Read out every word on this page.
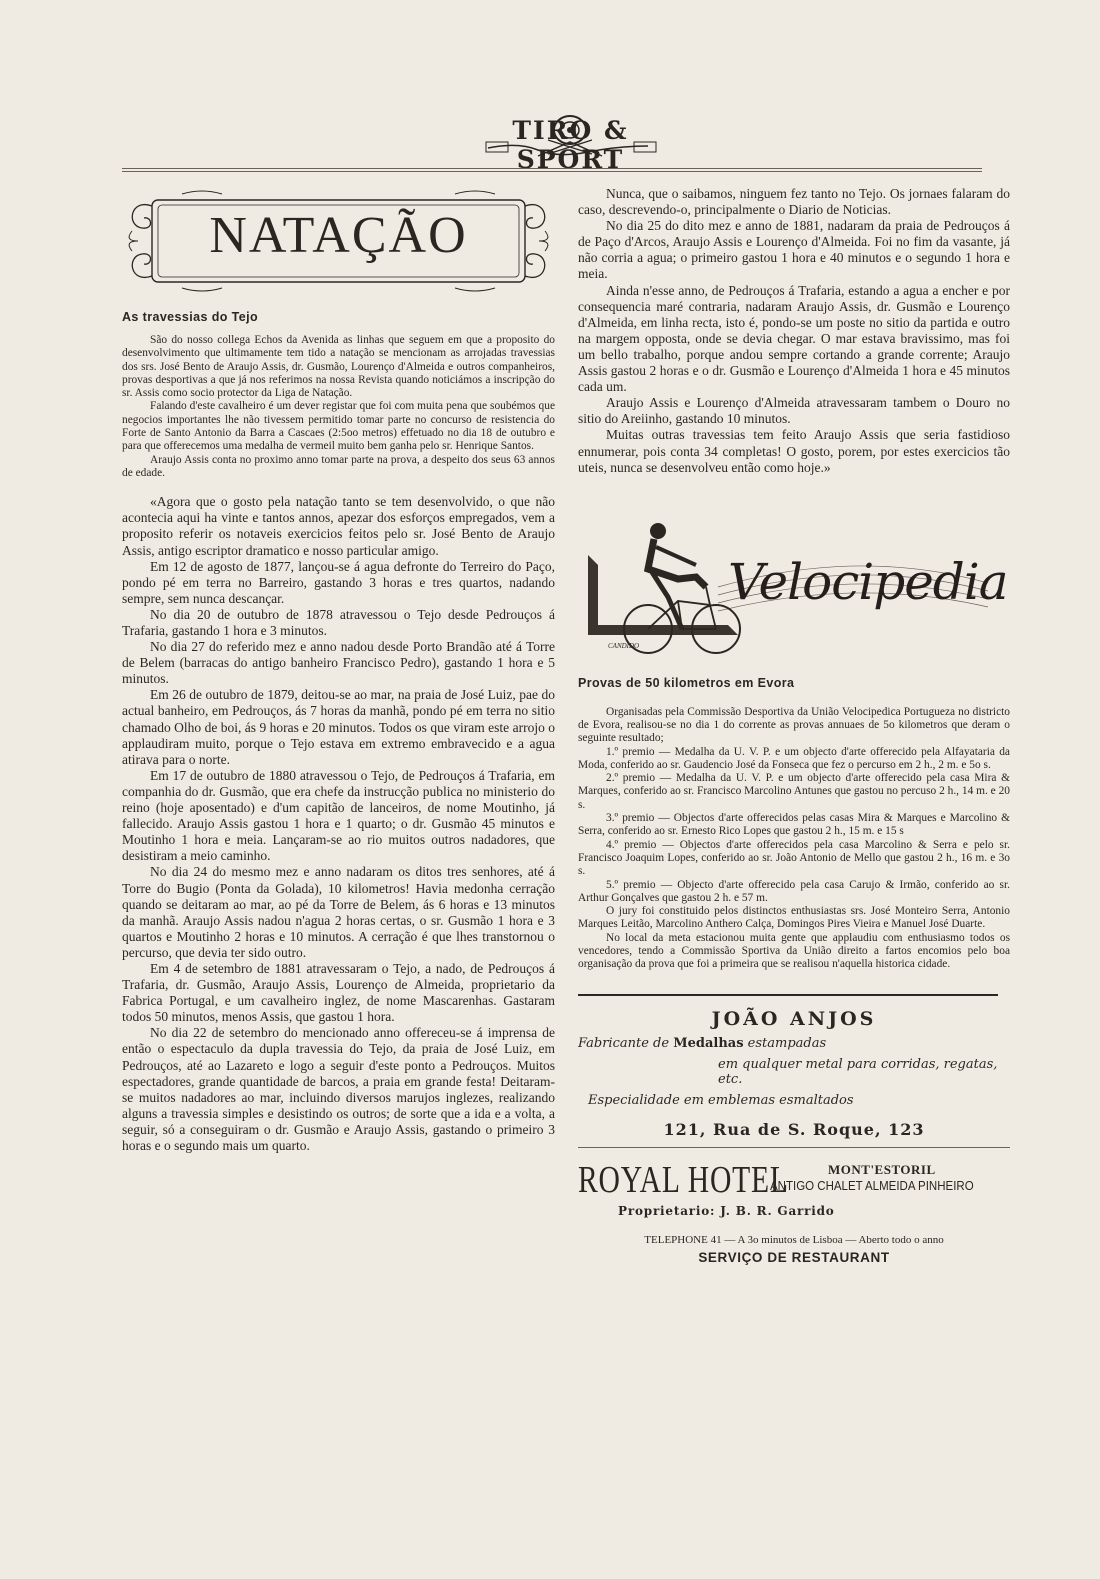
TIRO & SPORT
NATAÇÃO
As travessias do Tejo

São do nosso collega Echos da Avenida as linhas que seguem em que a proposito do desenvolvimento que ultimamente tem tido a natação se mencionam as arrojadas travessias dos srs. José Bento de Araujo Assis, dr. Gusmão, Lourenço d'Almeida e outros companheiros, provas desportivas a que já nos referimos na nossa Revista quando noticiámos a inscripção do sr. Assis como socio protector da Liga de Natação.

Falando d'este cavalheiro é um dever registar que foi com muita pena que soubémos que negocios importantes lhe não tivessem permitido tomar parte no concurso de resistencia do Forte de Santo Antonio da Barra a Cascaes (2:5oo metros) effetuado no dia 18 de outubro e para que offerecemos uma medalha de vermeil muito bem ganha pelo sr. Henrique Santos.

Araujo Assis conta no proximo anno tomar parte na prova, a despeito dos seus 63 annos de edade.

«Agora que o gosto pela natação tanto se tem desenvolvido, o que não acontecia aqui ha vinte e tantos annos, apezar dos esforços empregados, vem a proposito referir os notaveis exercicios feitos pelo sr. José Bento de Araujo Assis, antigo escriptor dramatico e nosso particular amigo.

Em 12 de agosto de 1877, lançou-se á agua defronte do Terreiro do Paço, pondo pé em terra no Barreiro, gastando 3 horas e tres quartos, nadando sempre, sem nunca descançar.

No dia 20 de outubro de 1878 atravessou o Tejo desde Pedrouços á Trafaria, gastando 1 hora e 3 minutos.

No dia 27 do referido mez e anno nadou desde Porto Brandão até á Torre de Belem (barracas do antigo banheiro Francisco Pedro), gastando 1 hora e 5 minutos.

Em 26 de outubro de 1879, deitou-se ao mar, na praia de José Luiz, pae do actual banheiro, em Pedrouços, ás 7 horas da manhã, pondo pé em terra no sitio chamado Olho de boi, ás 9 horas e 20 minutos. Todos os que viram este arrojo o applaudiram muito, porque o Tejo estava em extremo embravecido e a agua atirava para o norte.

Em 17 de outubro de 1880 atravessou o Tejo, de Pedrouços á Trafaria, em companhia do dr. Gusmão, que era chefe da instrucção publica no ministerio do reino (hoje aposentado) e d'um capitão de lanceiros, de nome Moutinho, já fallecido. Araujo Assis gastou 1 hora e 1 quarto; o dr. Gusmão 45 minutos e Moutinho 1 hora e meia. Lançaram-se ao rio muitos outros nadadores, que desistiram a meio caminho.

No dia 24 do mesmo mez e anno nadaram os ditos tres senhores, até á Torre do Bugio (Ponta da Golada), 10 kilometros! Havia medonha cerração quando se deitaram ao mar, ao pé da Torre de Belem, ás 6 horas e 13 minutos da manhã. Araujo Assis nadou n'agua 2 horas certas, o sr. Gusmão 1 hora e 3 quartos e Moutinho 2 horas e 10 minutos. A cerração é que lhes transtornou o percurso, que devia ter sido outro.

Em 4 de setembro de 1881 atravessaram o Tejo, a nado, de Pedrouços á Trafaria, dr. Gusmão, Araujo Assis, Lourenço de Almeida, proprietario da Fabrica Portugal, e um cavalheiro inglez, de nome Mascarenhas. Gastaram todos 50 minutos, menos Assis, que gastou 1 hora.

No dia 22 de setembro do mencionado anno offereceu-se á imprensa de então o espectaculo da dupla travessia do Tejo, da praia de José Luiz, em Pedrouços, até ao Lazareto e logo a seguir d'este ponto a Pedrouços. Muitos espectadores, grande quantidade de barcos, a praia em grande festa! Deitaram-se muitos nadadores ao mar, incluindo diversos marujos inglezes, realizando alguns a travessia simples e desistindo os outros; de sorte que a ida e a volta, a seguir, só a conseguiram o dr. Gusmão e Araujo Assis, gastando o primeiro 3 horas e o segundo mais um quarto.

Nunca, que o saibamos, ninguem fez tanto no Tejo. Os jornaes falaram do caso, descrevendo-o, principalmente o Diario de Noticias.

No dia 25 do dito mez e anno de 1881, nadaram da praia de Pedrouços á de Paço d'Arcos, Araujo Assis e Lourenço d'Almeida. Foi no fim da vasante, já não corria a agua; o primeiro gastou 1 hora e 40 minutos e o segundo 1 hora e meia.

Ainda n'esse anno, de Pedrouços á Trafaria, estando a agua a encher e por consequencia maré contraria, nadaram Araujo Assis, dr. Gusmão e Lourenço d'Almeida, em linha recta, isto é, pondo-se um poste no sitio da partida e outro na margem opposta, onde se devia chegar. O mar estava bravissimo, mas foi um bello trabalho, porque andou sempre cortando a grande corrente; Araujo Assis gastou 2 horas e o dr. Gusmão e Lourenço d'Almeida 1 hora e 45 minutos cada um.

Araujo Assis e Lourenço d'Almeida atravessaram tambem o Douro no sitio do Areiinho, gastando 10 minutos.

Muitas outras travessias tem feito Araujo Assis que seria fastidioso ennumerar, pois conta 34 completas! O gosto, porem, por estes exercicios tão uteis, nunca se desenvolveu então como hoje.»

Velocipedia
CANDIDO
Provas de 50 kilometros em Evora

Organisadas pela Commissão Desportiva da União Velocipedica Portugueza no districto de Evora, realisou-se no dia 1 do corrente as provas annuaes de 5o kilometros que deram o seguinte resultado;

1.º premio — Medalha da U. V. P. e um objecto d'arte offerecido pela Alfayataria da Moda, conferido ao sr. Gaudencio José da Fonseca que fez o percurso em 2 h., 2 m. e 5o s.

2.º premio — Medalha da U. V. P. e um objecto d'arte offerecido pela casa Mira & Marques, conferido ao sr. Francisco Marcolino Antunes que gastou no percuso 2 h., 14 m. e 20 s.

3.º premio — Objectos d'arte offerecidos pelas casas Mira & Marques e Marcolino & Serra, conferido ao sr. Ernesto Rico Lopes que gastou 2 h., 15 m. e 15 s

4.º premio — Objectos d'arte offerecidos pela casa Marcolino & Serra e pelo sr. Francisco Joaquim Lopes, conferido ao sr. João Antonio de Mello que gastou 2 h., 16 m. e 3o s.

5.º premio — Objecto d'arte offerecido pela casa Carujo & Irmão, conferido ao sr. Arthur Gonçalves que gastou 2 h. e 57 m.

O jury foi constituido pelos distinctos enthusiastas srs. José Monteiro Serra, Antonio Marques Leitão, Marcolino Anthero Calça, Domingos Pires Vieira e Manuel José Duarte.

No local da meta estacionou muita gente que applaudiu com enthusiasmo todos os vencedores, tendo a Commissão Sportiva da União direito a fartos encomios pelo boa organisação da prova que foi a primeira que se realisou n'aquella historica cidade.

JOÃO ANJOS
Fabricante de Medalhas estampadas
em qualquer metal para corridas, regatas, etc.
Especialidade em emblemas esmaltados
121, Rua de S. Roque, 123
ROYAL HOTEL	MONT'ESTORIL
ANTIGO CHALET ALMEIDA PINHEIRO
Proprietario: J. B. R. Garrido
TELEPHONE 41 — A 3o minutos de Lisboa — Aberto todo o anno
SERVIÇO DE RESTAURANT
